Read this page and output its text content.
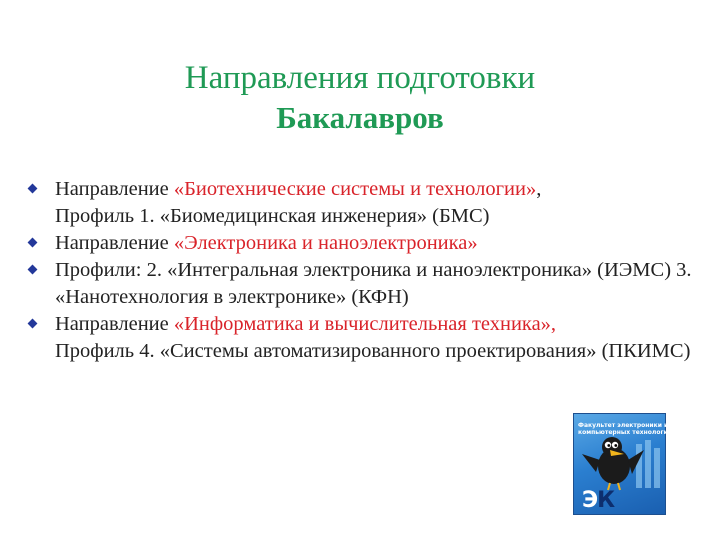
Направления подготовки
Бакалавров
Направление «Биотехнические системы и технологии»,
Профиль 1. «Биомедицинская инженерия» (БМС)
Направление «Электроника и наноэлектроника»
Профили: 2. «Интегральная электроника и наноэлектроника» (ИЭМС) 3. «Нанотехнология в электронике» (КФН)
Направление «Информатика и вычислительная техника»,
Профиль 4. «Системы автоматизированного проектирования» (ПКИМС)
Факультет электроники и
компьютерных технологий
ЭК
